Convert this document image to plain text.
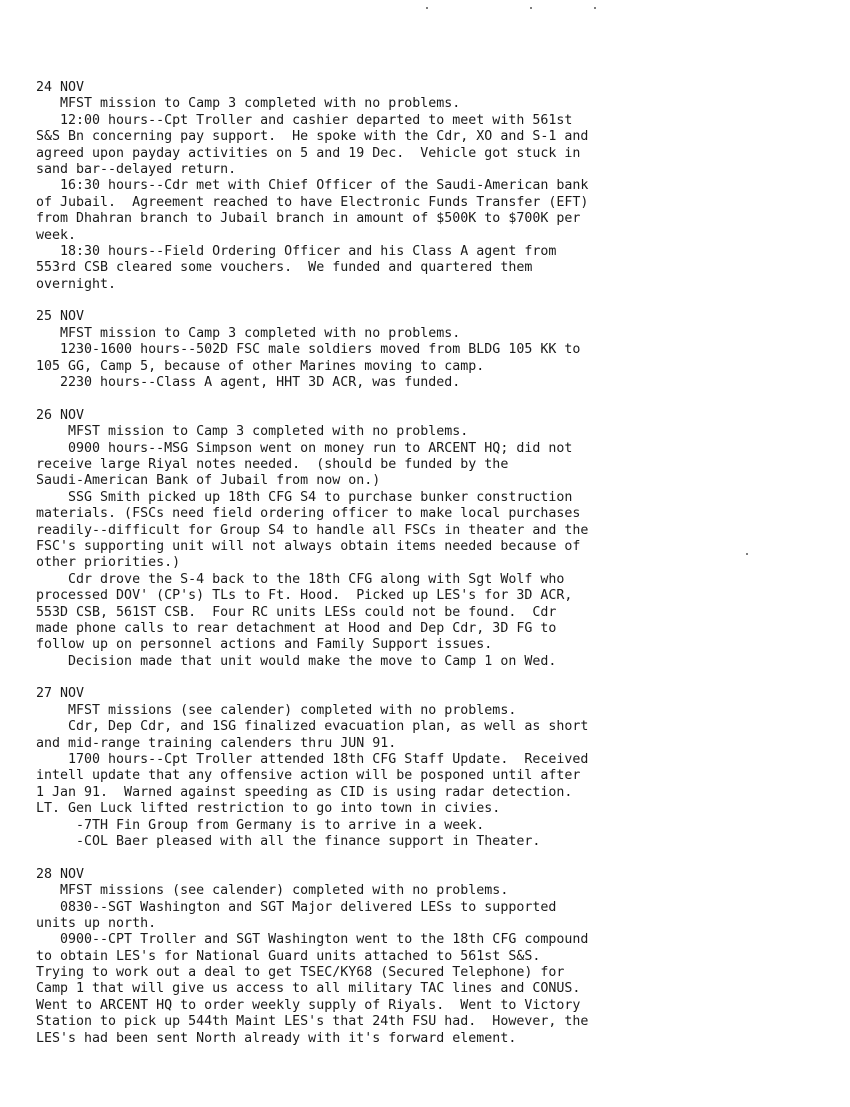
24 NOV
MFST mission to Camp 3 completed with no problems.
12:00 hours--Cpt Troller and cashier departed to meet with 561st
S&S Bn concerning pay support.  He spoke with the Cdr, XO and S-1 and
agreed upon payday activities on 5 and 19 Dec.  Vehicle got stuck in
sand bar--delayed return.
16:30 hours--Cdr met with Chief Officer of the Saudi-American bank
of Jubail.  Agreement reached to have Electronic Funds Transfer (EFT)
from Dhahran branch to Jubail branch in amount of $500K to $700K per
week.
18:30 hours--Field Ordering Officer and his Class A agent from
553rd CSB cleared some vouchers.  We funded and quartered them
overnight.
25 NOV
MFST mission to Camp 3 completed with no problems.
1230-1600 hours--502D FSC male soldiers moved from BLDG 105 KK to
105 GG, Camp 5, because of other Marines moving to camp.
2230 hours--Class A agent, HHT 3D ACR, was funded.
26 NOV
MFST mission to Camp 3 completed with no problems.
0900 hours--MSG Simpson went on money run to ARCENT HQ; did not
receive large Riyal notes needed.  (should be funded by the
Saudi-American Bank of Jubail from now on.)
SSG Smith picked up 18th CFG S4 to purchase bunker construction
materials. (FSCs need field ordering officer to make local purchases
readily--difficult for Group S4 to handle all FSCs in theater and the
FSC's supporting unit will not always obtain items needed because of
other priorities.)
Cdr drove the S-4 back to the 18th CFG along with Sgt Wolf who
processed DOV' (CP's) TLs to Ft. Hood.  Picked up LES's for 3D ACR,
553D CSB, 561ST CSB.  Four RC units LESs could not be found.  Cdr
made phone calls to rear detachment at Hood and Dep Cdr, 3D FG to
follow up on personnel actions and Family Support issues.
Decision made that unit would make the move to Camp 1 on Wed.
27 NOV
MFST missions (see calender) completed with no problems.
Cdr, Dep Cdr, and 1SG finalized evacuation plan, as well as short
and mid-range training calenders thru JUN 91.
1700 hours--Cpt Troller attended 18th CFG Staff Update.  Received
intell update that any offensive action will be posponed until after
1 Jan 91.  Warned against speeding as CID is using radar detection.
LT. Gen Luck lifted restriction to go into town in civies.
-7TH Fin Group from Germany is to arrive in a week.
-COL Baer pleased with all the finance support in Theater.
28 NOV
MFST missions (see calender) completed with no problems.
0830--SGT Washington and SGT Major delivered LESs to supported
units up north.
0900--CPT Troller and SGT Washington went to the 18th CFG compound
to obtain LES's for National Guard units attached to 561st S&S.
Trying to work out a deal to get TSEC/KY68 (Secured Telephone) for
Camp 1 that will give us access to all military TAC lines and CONUS.
Went to ARCENT HQ to order weekly supply of Riyals.  Went to Victory
Station to pick up 544th Maint LES's that 24th FSU had.  However, the
LES's had been sent North already with it's forward element.
